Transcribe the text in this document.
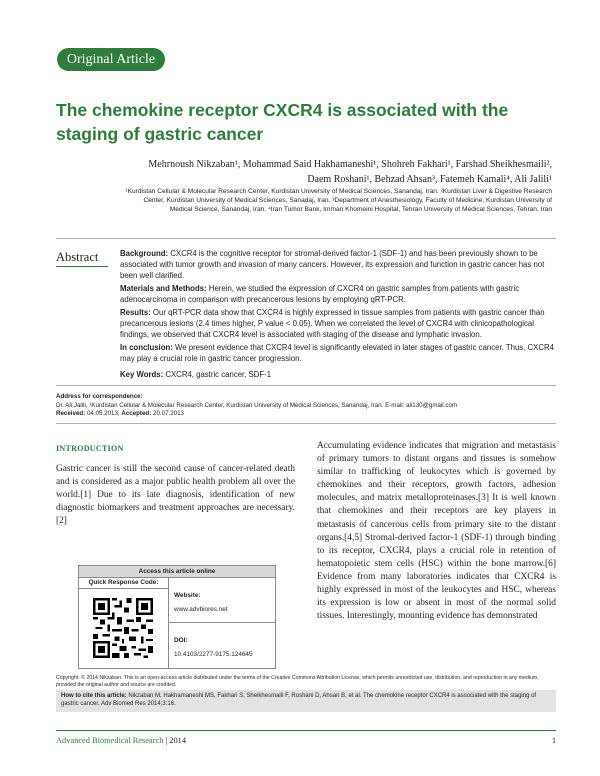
Original Article
The chemokine receptor CXCR4 is associated with the
staging of gastric cancer
Mehrnoush Nikzaban¹, Mohammad Said Hakhamaneshi¹, Shohreh Fakhari¹, Farshad Sheikhesmaili²,
Daem Roshani¹, Behzad Ahsan³, Fatemeh Kamali⁴, Ali Jalili¹
¹Kurdistan Cellular & Molecular Research Center, Kurdistan University of Medical Sciences, Sanandaj, Iran. ²Kurdistan Liver & Digestive Research
Center, Kurdistan University of Medical Sciences, Sanadaj, Iran. ³Department of Anesthesiology, Faculty of Medicine, Kurdistan University of
Medical Science, Sanandaj, Iran. ⁴Iran Tumor Bank, Imman Khomeini Hospital, Tehran University of Medical Sciences, Tehran, Iran
Abstract	Background: CXCR4 is the cognitive receptor for stromal-derived factor-1 (SDF-1) and has been previously shown to be associated with tumor growth and invasion of many cancers. However, its expression and function in gastric cancer has not been well clarified.

Materials and Methods: Herein, we studied the expression of CXCR4 on gastric samples from patients with gastric adenocarcinoma in comparison with precancerous lesions by employing qRT-PCR.

Results: Our qRT-PCR data show that CXCR4 is highly expressed in tissue samples from patients with gastric cancer than precancerous lesions (2.4 times higher, P value < 0.05). When we correlated the level of CXCR4 with clinicopathological findings, we observed that CXCR4 level is associated with staging of the disease and lymphatic invasion.

In conclusion: We present evidence that CXCR4 level is significantly elevated in later stages of gastric cancer. Thus, CXCR4 may play a crucial role in gastric cancer progression.

Key Words: CXCR4, gastric cancer, SDF-1
Address for correspondence:
Dr. Ali Jalili, ¹Kurdistan Cellular & Molecular Research Center, Kurdistan University of Medical Sciences, Sanandaj, Iran. E-mail: ali130@gmail.com
Received: 04.05.2013, Accepted: 20.07.2013
INTRODUCTION

Gastric cancer is still the second cause of cancer-related death and is considered as a major public health problem all over the world.[1] Due to its late diagnosis, identification of new diagnostic biomarkers and treatment approaches are necessary.[2]

Accumulating evidence indicates that migration and metastasis of primary tumors to distant organs and tissues is somehow similar to trafficking of leukocytes which is governed by chemokines and their receptors, growth factors, adhesion molecules, and matrix metalloproteinases.[3] It is well known that chemokines and their receptors are key players in metastasis of cancerous cells from primary site to the distant organs.[4,5] Stromal-derived factor-1 (SDF-1) through binding to its receptor, CXCR4, plays a crucial role in retention of hematopoietic stem cells (HSC) within the bone marrow.[6] Evidence from many laboratories indicates that CXCR4 is highly expressed in most of the leukocytes and HSC, whereas its expression is low or absent in most of the normal solid tissues. Interestingly, mounting evidence has demonstrated

Access this article online
Quick Response Code:
Website:
www.advbiores.net
DOI:
10.4103/2277-9175.124645
Copyright: © 2014 Nikzaban. This is an open-access article distributed under the terms of the Creative Commons Attribution License, which permits unrestricted use, distribution, and reproduction in any medium, provided the original author and source are credited.
How to cite this article: Nikzaban M, Hakhamaneshi MS, Fakhari S, Sheikhesmaili F, Roshani D, Ahsan B, et al. The chemokine receptor CXCR4 is associated with the staging of gastric cancer. Adv Biomed Res 2014;3:16.
Advanced Biomedical Research | 2014	1
